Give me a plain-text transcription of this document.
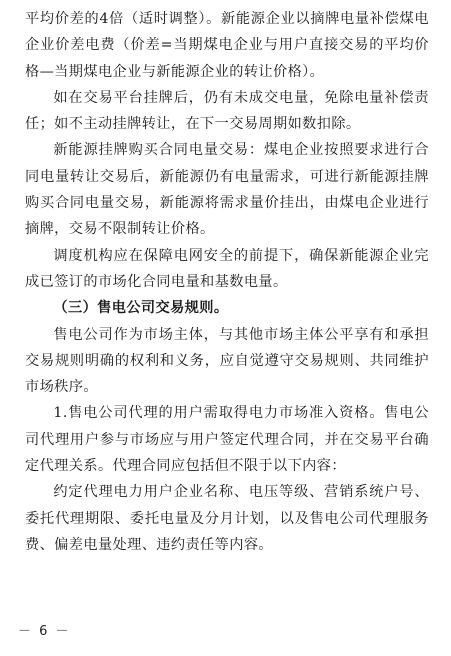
平均价差的4倍（适时调整）。新能源企业以摘牌电量补偿煤电企业价差电费（价差=当期煤电企业与用户直接交易的平均价格—当期煤电企业与新能源企业的转让价格）。

如在交易平台挂牌后，仍有未成交电量，免除电量补偿责任；如不主动挂牌转让，在下一交易周期如数扣除。

新能源挂牌购买合同电量交易：煤电企业按照要求进行合同电量转让交易后，新能源仍有电量需求，可进行新能源挂牌购买合同电量交易，新能源将需求量价挂出，由煤电企业进行摘牌，交易不限制转让价格。

调度机构应在保障电网安全的前提下，确保新能源企业完成已签订的市场化合同电量和基数电量。

（三）售电公司交易规则。

售电公司作为市场主体，与其他市场主体公平享有和承担交易规则明确的权利和义务，应自觉遵守交易规则、共同维护市场秩序。

1.售电公司代理的用户需取得电力市场准入资格。售电公司代理用户参与市场应与用户签定代理合同，并在交易平台确定代理关系。代理合同应包括但不限于以下内容：

约定代理电力用户企业名称、电压等级、营销系统户号、委托代理期限、委托电量及分月计划，以及售电公司代理服务费、偏差电量处理、违约责任等内容。

－ 6 －
